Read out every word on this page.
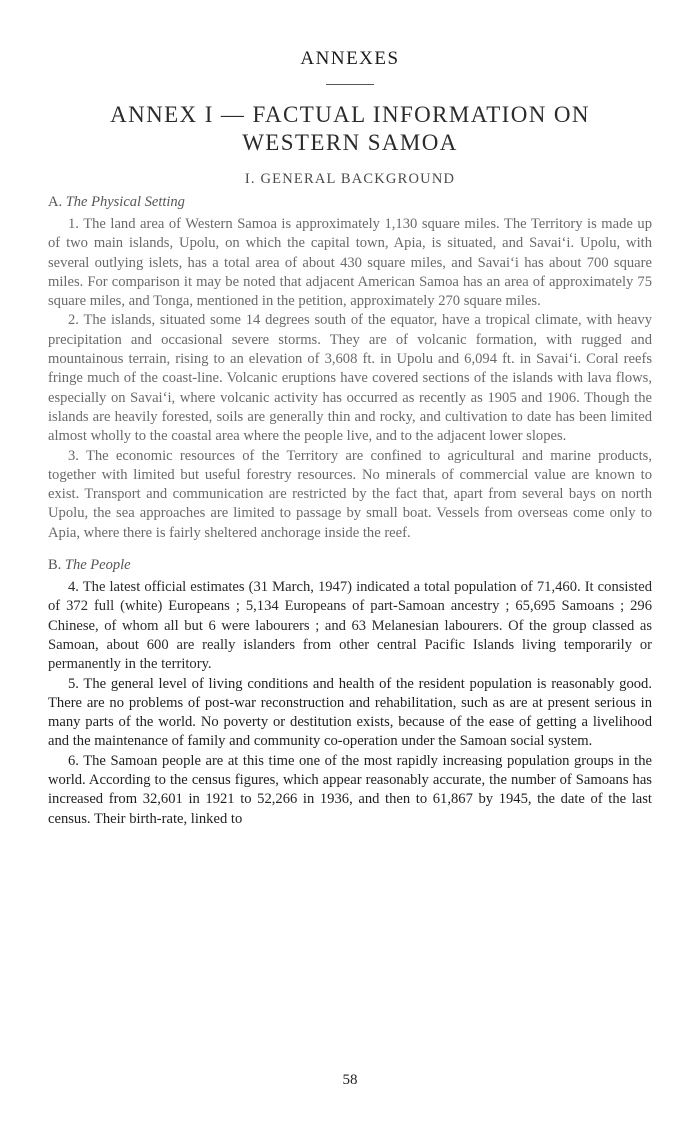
ANNEXES
ANNEX I — FACTUAL INFORMATION ON
WESTERN SAMOA
I. GENERAL BACKGROUND
A. The Physical Setting

1. The land area of Western Samoa is approximately 1,130 square miles. The Territory is made up of two main islands, Upolu, on which the capital town, Apia, is situated, and Savai‘i. Upolu, with several outlying islets, has a total area of about 430 square miles, and Savai‘i has about 700 square miles. For comparison it may be noted that adjacent American Samoa has an area of approximately 75 square miles, and Tonga, mentioned in the petition, approximately 270 square miles.

2. The islands, situated some 14 degrees south of the equator, have a tropical climate, with heavy precipitation and occasional severe storms. They are of volcanic formation, with rugged and mountainous terrain, rising to an elevation of 3,608 ft. in Upolu and 6,094 ft. in Savai‘i. Coral reefs fringe much of the coast-line. Volcanic eruptions have covered sections of the islands with lava flows, especially on Savai‘i, where volcanic activity has occurred as recently as 1905 and 1906. Though the islands are heavily forested, soils are generally thin and rocky, and cultivation to date has been limited almost wholly to the coastal area where the people live, and to the adjacent lower slopes.

3. The economic resources of the Territory are confined to agricultural and marine products, together with limited but useful forestry resources. No minerals of commercial value are known to exist. Transport and communication are restricted by the fact that, apart from several bays on north Upolu, the sea approaches are limited to passage by small boat. Vessels from overseas come only to Apia, where there is fairly sheltered anchorage inside the reef.

B. The People

4. The latest official estimates (31 March, 1947) indicated a total population of 71,460. It consisted of 372 full (white) Europeans ; 5,134 Europeans of part-Samoan ancestry ; 65,695 Samoans ; 296 Chinese, of whom all but 6 were labourers ; and 63 Melanesian labourers. Of the group classed as Samoan, about 600 are really islanders from other central Pacific Islands living temporarily or permanently in the territory.

5. The general level of living conditions and health of the resident population is reasonably good. There are no problems of post-war reconstruction and rehabilitation, such as are at present serious in many parts of the world. No poverty or destitution exists, because of the ease of getting a livelihood and the maintenance of family and community co-operation under the Samoan social system.

6. The Samoan people are at this time one of the most rapidly increasing population groups in the world. According to the census figures, which appear reasonably accurate, the number of Samoans has increased from 32,601 in 1921 to 52,266 in 1936, and then to 61,867 by 1945, the date of the last census. Their birth-rate, linked to

58
